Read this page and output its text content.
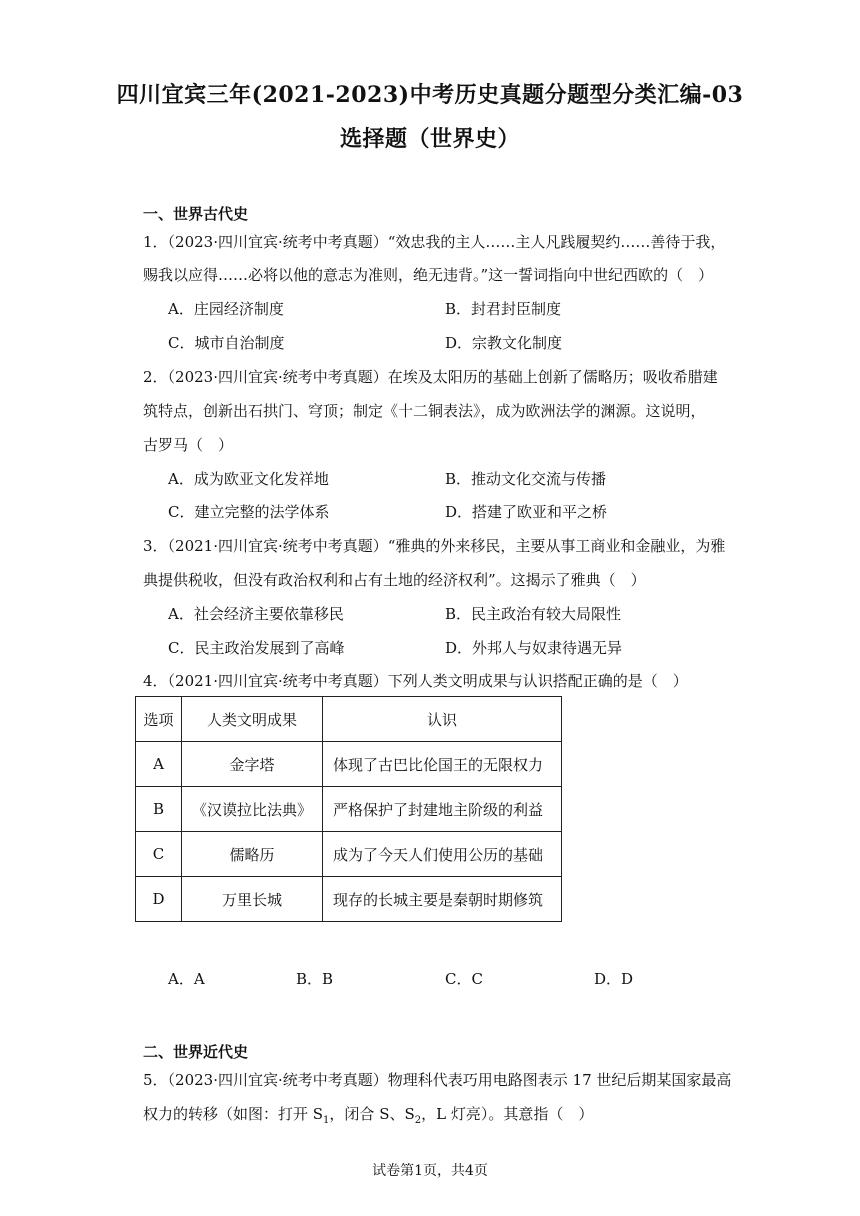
四川宜宾三年(2021-2023)中考历史真题分题型分类汇编-03
选择题（世界史）
一、世界古代史
1．（2023·四川宜宾·统考中考真题）“效忠我的主人……主人凡践履契约……善待于我，
赐我以应得……必将以他的意志为准则，绝无违背。”这一誓词指向中世纪西欧的（　）
A．庄园经济制度	B．封君封臣制度
C．城市自治制度	D．宗教文化制度
2．（2023·四川宜宾·统考中考真题）在埃及太阳历的基础上创新了儒略历；吸收希腊建
筑特点，创新出石拱门、穹顶；制定《十二铜表法》，成为欧洲法学的渊源。这说明，
古罗马（　）
A．成为欧亚文化发祥地	B．推动文化交流与传播
C．建立完整的法学体系	D．搭建了欧亚和平之桥
3．（2021·四川宜宾·统考中考真题）“雅典的外来移民，主要从事工商业和金融业，为雅
典提供税收，但没有政治权利和占有土地的经济权利”。这揭示了雅典（　）
A．社会经济主要依靠移民	B．民主政治有较大局限性
C．民主政治发展到了高峰	D．外邦人与奴隶待遇无异
4．（2021·四川宜宾·统考中考真题）下列人类文明成果与认识搭配正确的是（　）
选项	人类文明成果	认识
A	金字塔	体现了古巴比伦国王的无限权力
B	《汉谟拉比法典》	严格保护了封建地主阶级的利益
C	儒略历	成为了今天人们使用公历的基础
D	万里长城	现存的长城主要是秦朝时期修筑
A．A	B．B	C．C	D．D
二、世界近代史
5．（2023·四川宜宾·统考中考真题）物理科代表巧用电路图表示 17 世纪后期某国家最高
权力的转移（如图：打开 $S_1$，闭合 S、$S_2$，L 灯亮）。其意指（　）
试卷第1页，共4页
